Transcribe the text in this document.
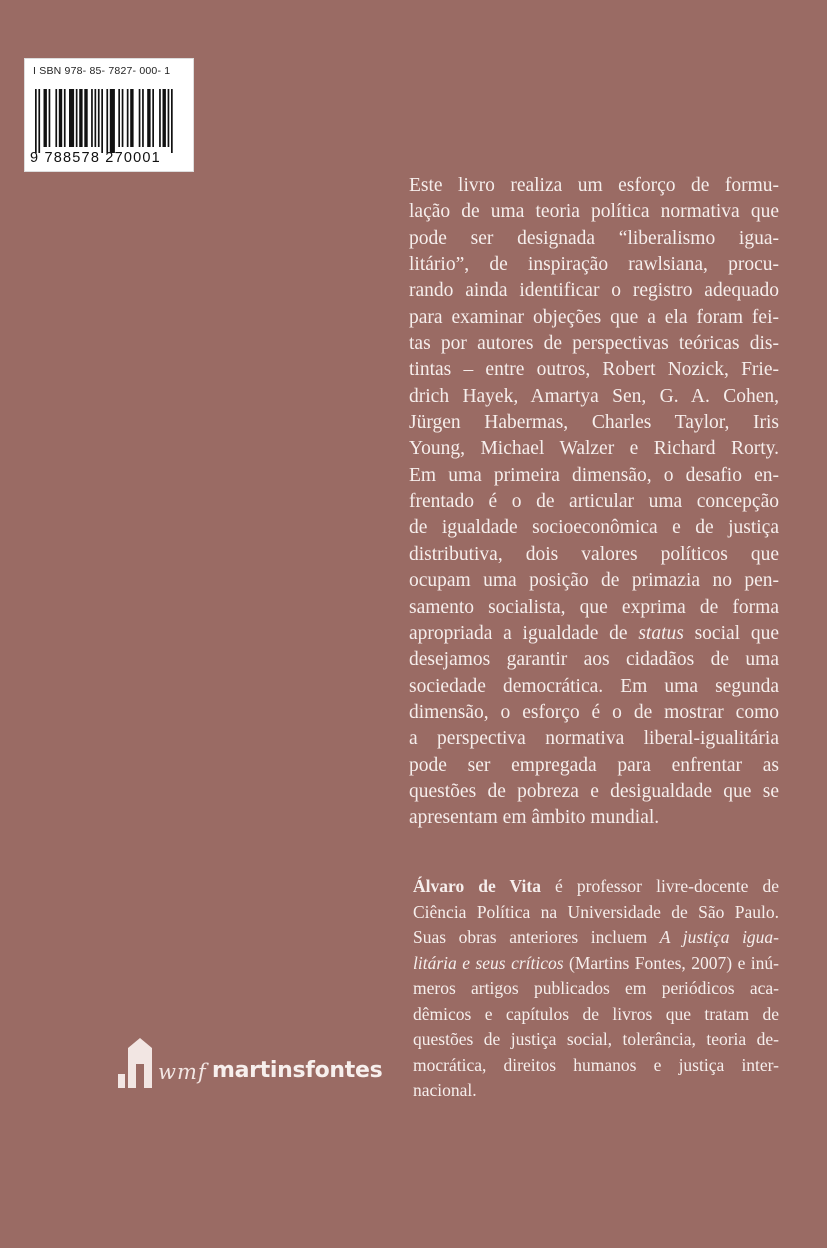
I SBN 978- 85- 7827- 000- 1
Este livro realiza um esforço de formu-
lação de uma teoria política normativa que
pode ser designada “liberalismo igua-
litário”, de inspiração rawlsiana, procu-
rando ainda identificar o registro adequado
para examinar objeções que a ela foram fei-
tas por autores de perspectivas teóricas dis-
tintas – entre outros, Robert Nozick, Frie-
drich Hayek, Amartya Sen, G. A. Cohen,
Jürgen Habermas, Charles Taylor, Iris
Young, Michael Walzer e Richard Rorty.
Em uma primeira dimensão, o desafio en-
frentado é o de articular uma concepção
de igualdade socioeconômica e de justiça
distributiva, dois valores políticos que
ocupam uma posição de primazia no pen-
samento socialista, que exprima de forma
apropriada a igualdade de status social que
desejamos garantir aos cidadãos de uma
sociedade democrática. Em uma segunda
dimensão, o esforço é o de mostrar como
a perspectiva normativa liberal-igualitária
pode ser empregada para enfrentar as
questões de pobreza e desigualdade que se
apresentam em âmbito mundial.
Álvaro de Vita é professor livre-docente de
Ciência Política na Universidade de São Paulo.
Suas obras anteriores incluem A justiça igua-
litária e seus críticos (Martins Fontes, 2007) e inú-
meros artigos publicados em periódicos aca-
dêmicos e capítulos de livros que tratam de
questões de justiça social, tolerância, teoria de-
mocrática, direitos humanos e justiça inter-
nacional.
wmf martinsfontes
9 788578 270001
